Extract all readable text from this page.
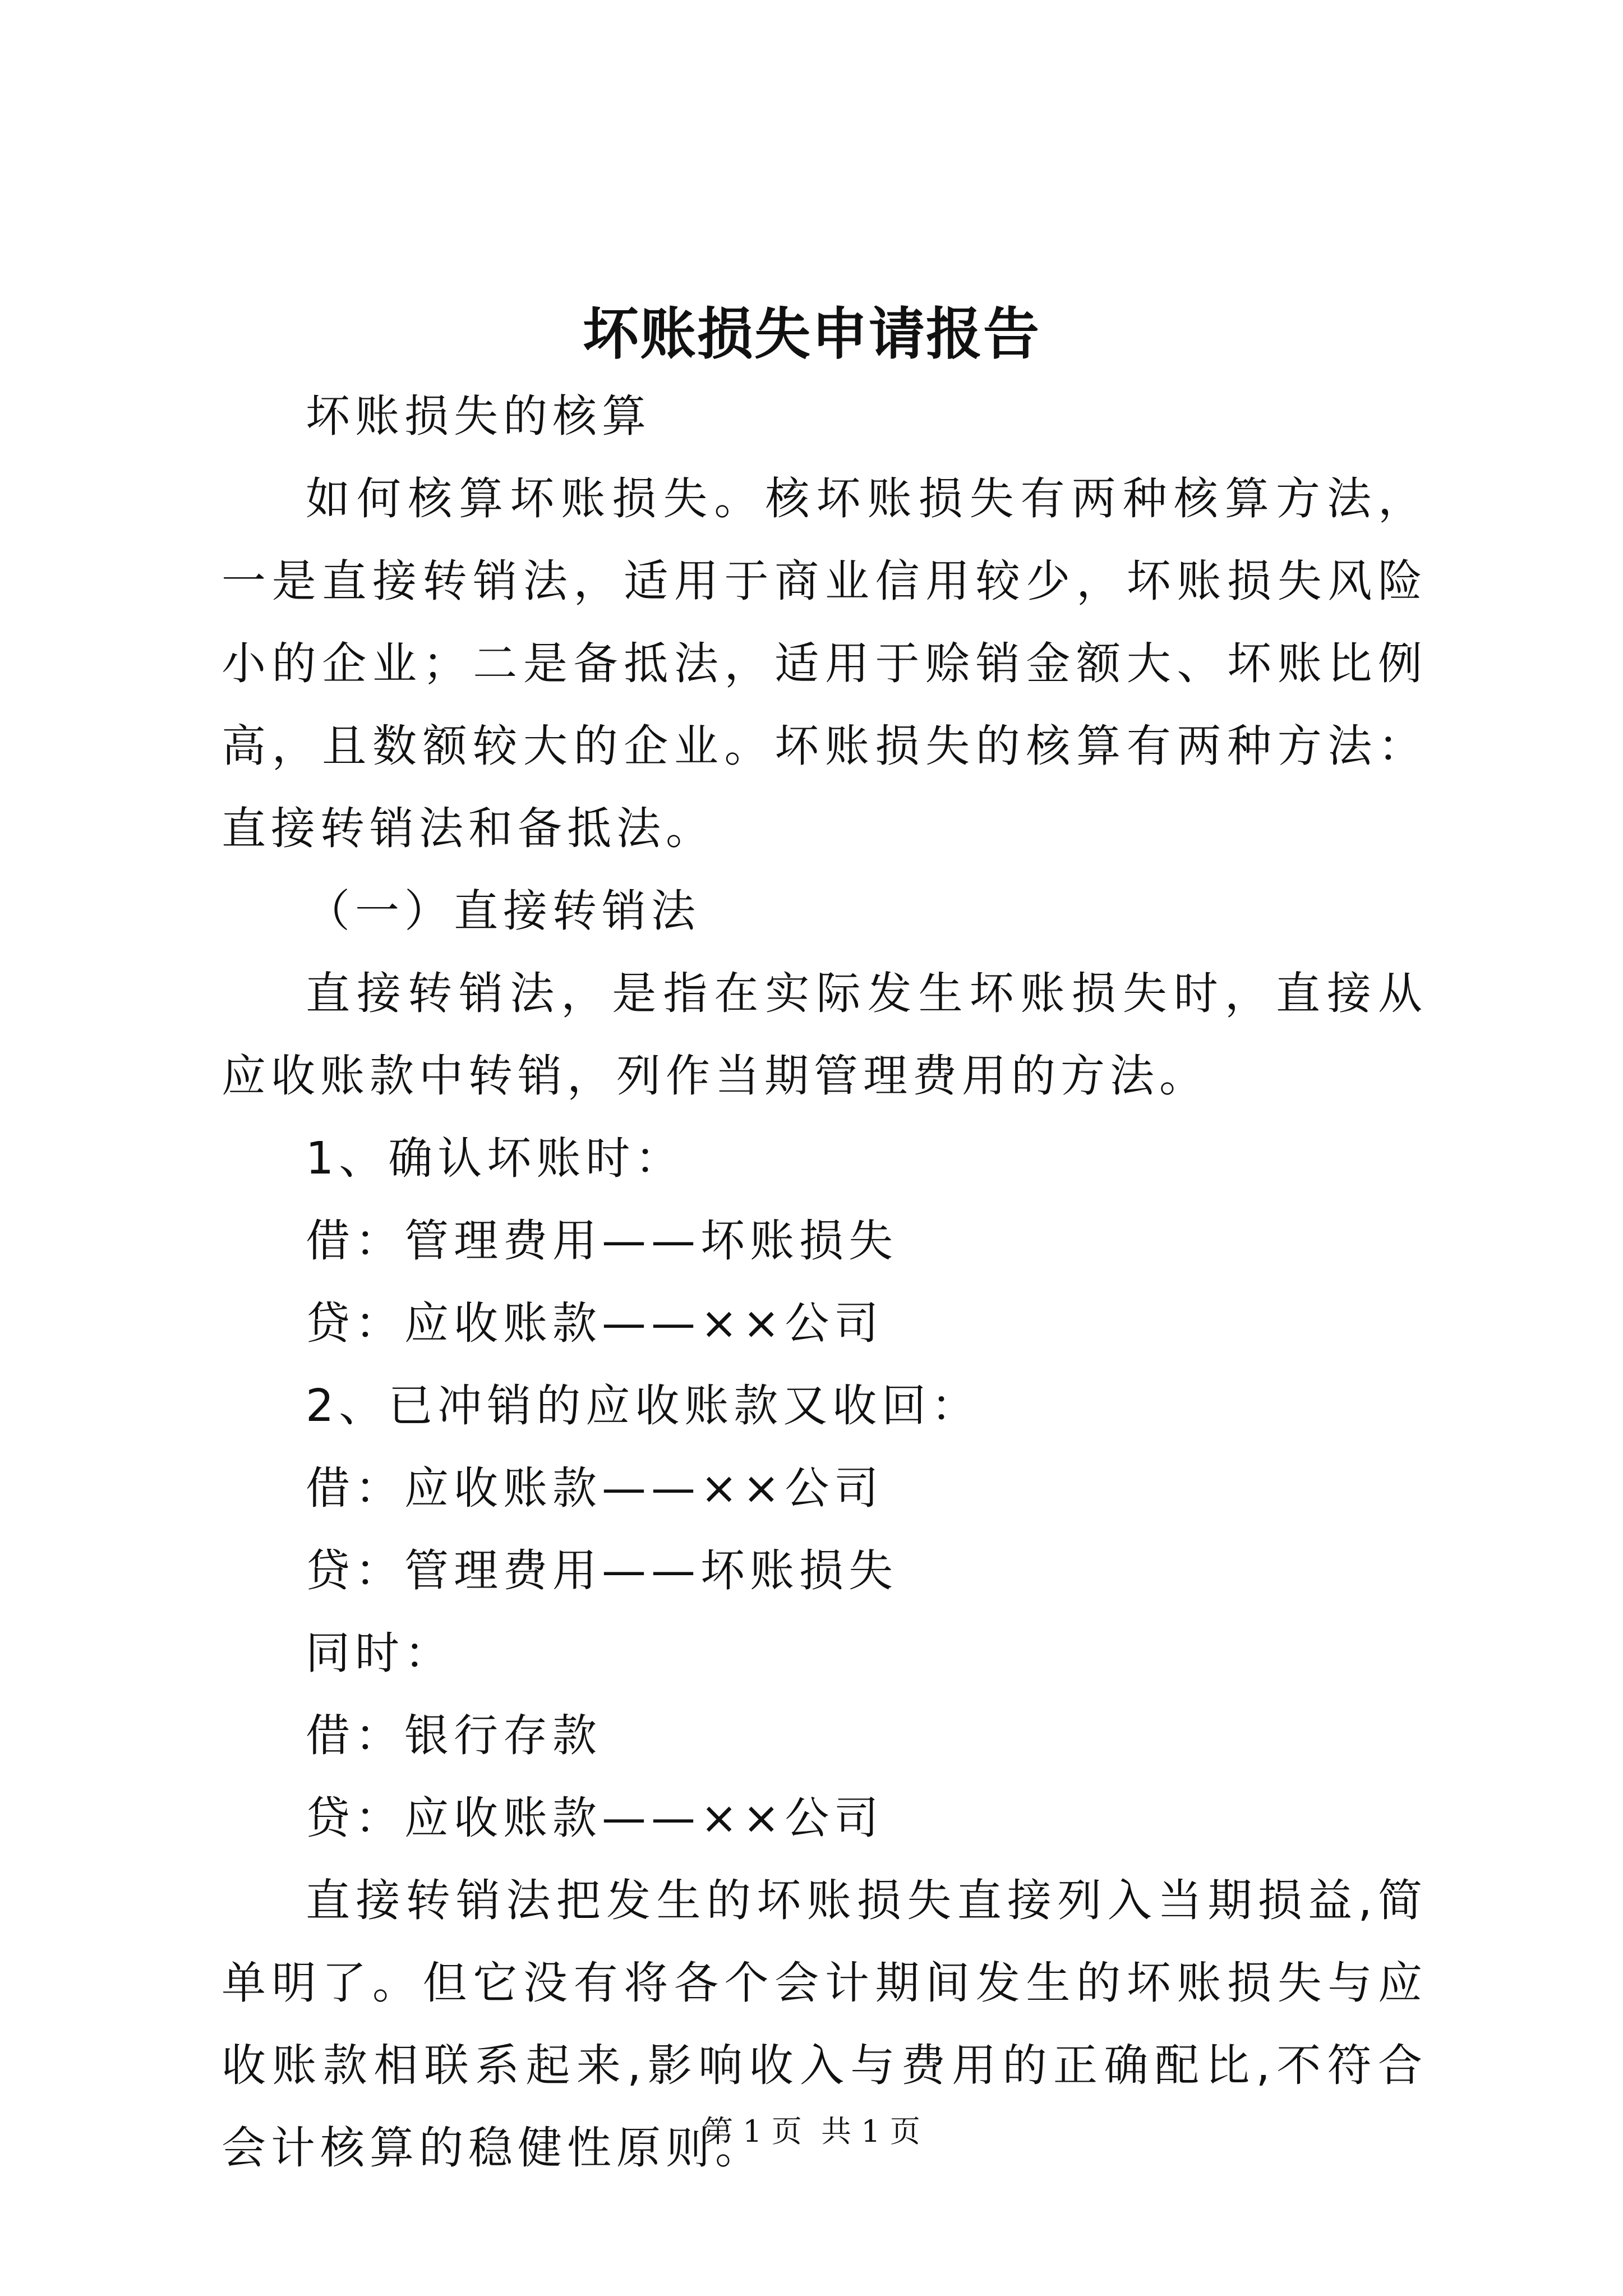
坏账损失申请报告

坏账损失的核算

如何核算坏账损失。核坏账损失有两种核算方法，一是直接转销法，适用于商业信用较少，坏账损失风险小的企业；二是备抵法，适用于赊销金额大、坏账比例高，且数额较大的企业。坏账损失的核算有两种方法：直接转销法和备抵法。

（一）直接转销法

直接转销法，是指在实际发生坏账损失时，直接从应收账款中转销，列作当期管理费用的方法。

1、确认坏账时：

借：管理费用——坏账损失

贷：应收账款——××公司

2、已冲销的应收账款又收回：

借：应收账款——××公司

贷：管理费用——坏账损失

同时：

借：银行存款

贷：应收账款——××公司

直接转销法把发生的坏账损失直接列入当期损益,简单明了。但它没有将各个会计期间发生的坏账损失与应收账款相联系起来,影响收入与费用的正确配比,不符合会计核算的稳健性原则。

第 1 页  共 1 页
